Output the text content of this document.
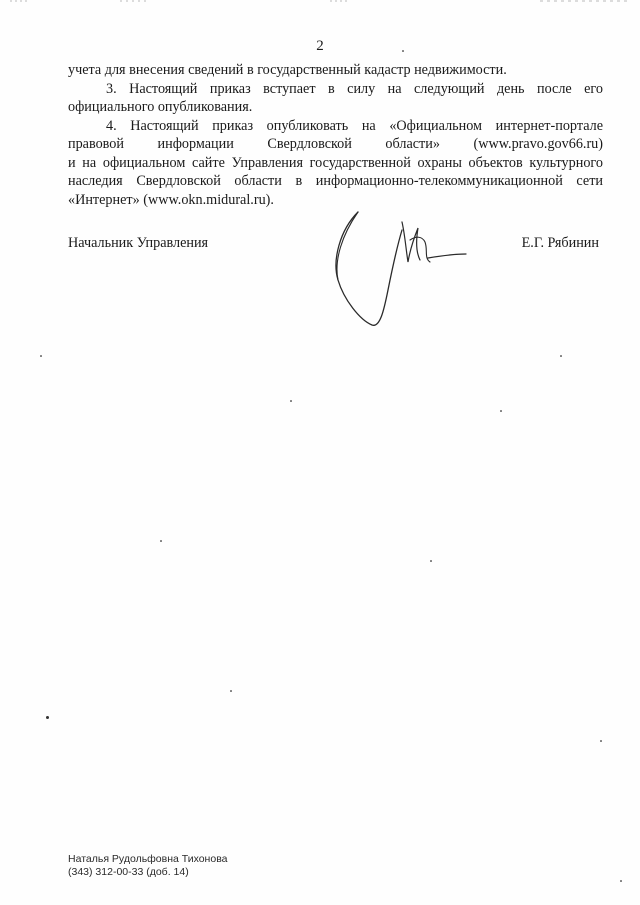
2

учета для внесения сведений в государственный кадастр недвижимости.

3. Настоящий приказ вступает в силу на следующий день после его
официального опубликования.

4. Настоящий приказ опубликовать на «Официальном интернет-портале
правовой информации Свердловской области» (www.pravo.gov66.ru)
и на официальном сайте Управления государственной охраны объектов культурного
наследия Свердловской области в информационно-телекоммуникационной сети
«Интернет» (www.okn.midural.ru).

Начальник Управления	Е.Г. Рябинин
Наталья Рудольфовна Тихонова
(343) 312-00-33 (доб. 14)
